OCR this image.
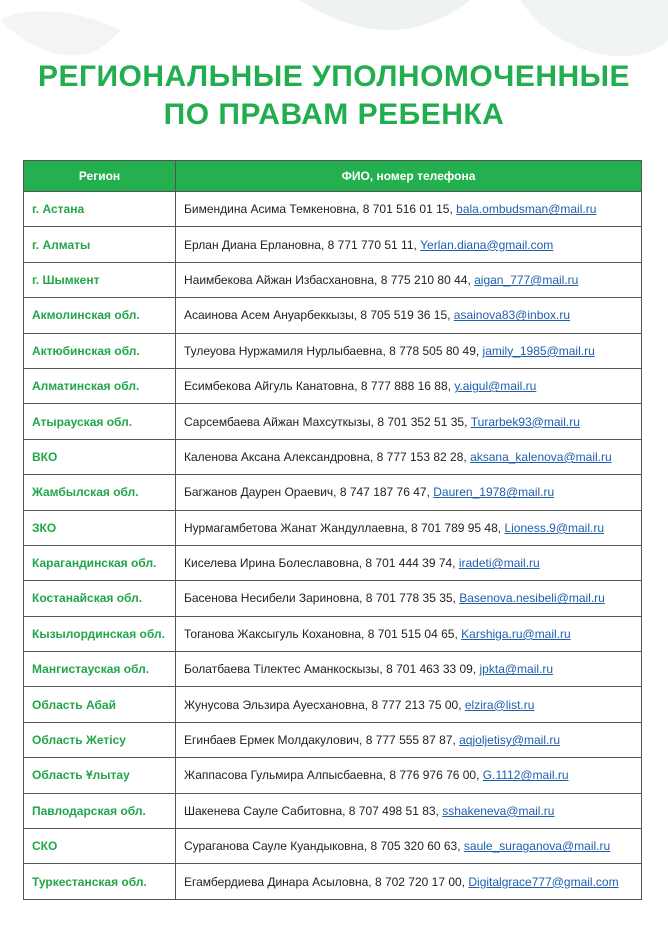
РЕГИОНАЛЬНЫЕ УПОЛНОМОЧЕННЫЕ
ПО ПРАВАМ РЕБЕНКА
Регион	ФИО, номер телефона
г. Астана	Бимендина Асима Темкеновна, 8 701 516 01 15, bala.ombudsman@mail.ru
г. Алматы	Ерлан Диана Ерлановна, 8 771 770 51 11, Yerlan.diana@gmail.com
г. Шымкент	Наимбекова Айжан Избасхановна, 8 775 210 80 44, aigan_777@mail.ru
Акмолинская обл.	Асаинова Асем Ануарбеккызы, 8 705 519 36 15, asainova83@inbox.ru
Актюбинская обл.	Тулеуова Нуржамиля Нурлыбаевна, 8 778 505 80 49, jamily_1985@mail.ru
Алматинская обл.	Есимбекова Айгуль Канатовна, 8 777 888 16 88, y.aigul@mail.ru
Атырауская обл.	Сарсембаева Айжан Махсуткызы, 8 701 352 51 35, Turarbek93@mail.ru
ВКО	Каленова Аксана Александровна, 8 777 153 82 28, aksana_kalenova@mail.ru
Жамбылская обл.	Багжанов Даурен Ораевич, 8 747 187 76 47, Dauren_1978@mail.ru
ЗКО	Нурмагамбетова Жанат Жандуллаевна, 8 701 789 95 48, Lioness.9@mail.ru
Карагандинская обл.	Киселева Ирина Болеславовна, 8 701 444 39 74, iradeti@mail.ru
Костанайская обл.	Басенова Несибели Зариновна, 8 701 778 35 35, Basenova.nesibeli@mail.ru
Кызылординская обл.	Тоганова Жаксыгуль Кохановна, 8 701 515 04 65, Karshiga.ru@mail.ru
Мангистауская обл.	Болатбаева Тілектес Аманкоскызы, 8 701 463 33 09, jpkta@mail.ru
Область Абай	Жунусова Эльзира Ауесхановна, 8 777 213 75 00, elzira@list.ru
Область Жетісу	Егинбаев Ермек Молдакулович, 8 777 555 87 87, aqjoljetisy@mail.ru
Область Ұлытау	Жаппасова Гульмира Алпысбаевна, 8 776 976 76 00, G.1112@mail.ru
Павлодарская обл.	Шакенева Сауле Сабитовна, 8 707 498 51 83, sshakeneva@mail.ru
СКО	Сураганова Сауле Куандыковна, 8 705 320 60 63, saule_suraganova@mail.ru
Туркестанская обл.	Егамбердиева Динара Асыловна, 8 702 720 17 00, Digitalgrace777@gmail.com
